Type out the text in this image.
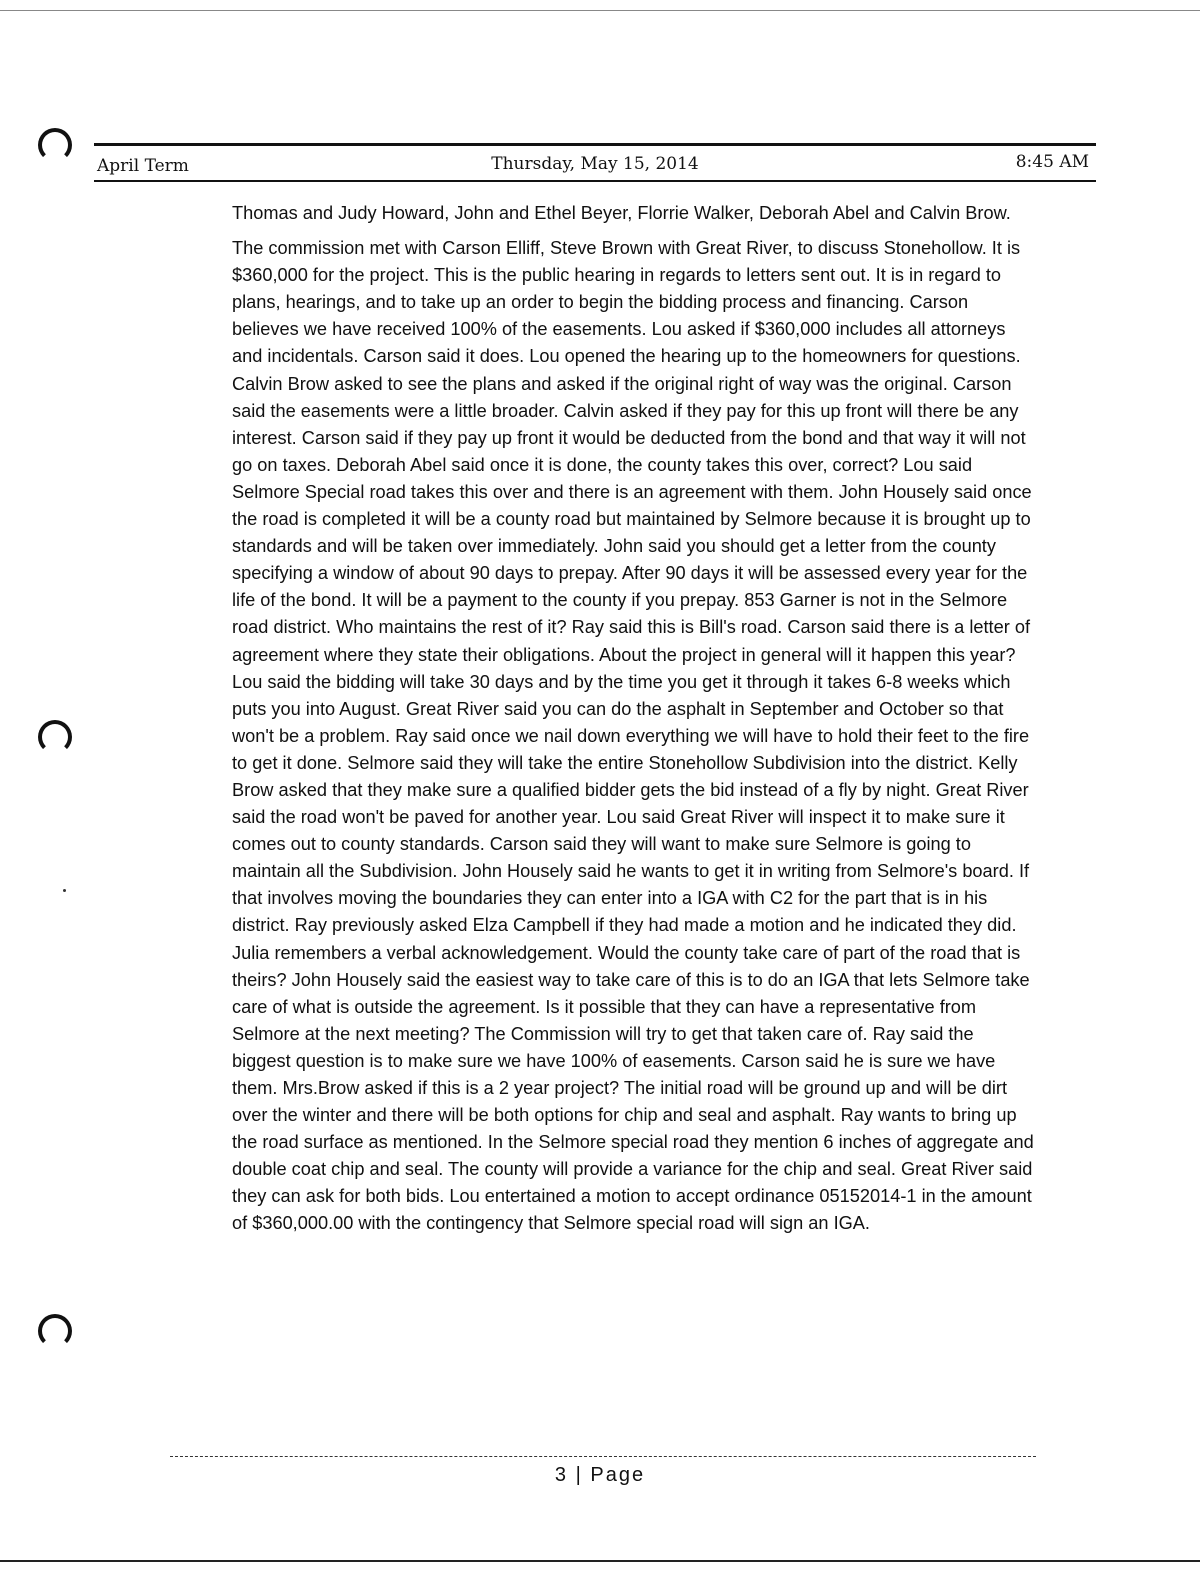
April Term	Thursday, May 15, 2014	8:45 AM

Thomas and Judy Howard, John and Ethel Beyer, Florrie Walker, Deborah Abel and Calvin Brow.

The commission met with Carson Elliff, Steve Brown with Great River, to discuss Stonehollow. It is $360,000 for the project. This is the public hearing in regards to letters sent out. It is in regard to plans, hearings, and to take up an order to begin the bidding process and financing. Carson believes we have received 100% of the easements. Lou asked if $360,000 includes all attorneys and incidentals. Carson said it does. Lou opened the hearing up to the homeowners for questions. Calvin Brow asked to see the plans and asked if the original right of way was the original. Carson said the easements were a little broader. Calvin asked if they pay for this up front will there be any interest. Carson said if they pay up front it would be deducted from the bond and that way it will not go on taxes. Deborah Abel said once it is done, the county takes this over, correct? Lou said Selmore Special road takes this over and there is an agreement with them. John Housely said once the road is completed it will be a county road but maintained by Selmore because it is brought up to standards and will be taken over immediately. John said you should get a letter from the county specifying a window of about 90 days to prepay. After 90 days it will be assessed every year for the life of the bond. It will be a payment to the county if you prepay. 853 Garner is not in the Selmore road district. Who maintains the rest of it? Ray said this is Bill's road. Carson said there is a letter of agreement where they state their obligations. About the project in general will it happen this year? Lou said the bidding will take 30 days and by the time you get it through it takes 6-8 weeks which puts you into August. Great River said you can do the asphalt in September and October so that won't be a problem. Ray said once we nail down everything we will have to hold their feet to the fire to get it done. Selmore said they will take the entire Stonehollow Subdivision into the district. Kelly Brow asked that they make sure a qualified bidder gets the bid instead of a fly by night. Great River said the road won't be paved for another year. Lou said Great River will inspect it to make sure it comes out to county standards. Carson said they will want to make sure Selmore is going to maintain all the Subdivision. John Housely said he wants to get it in writing from Selmore's board. If that involves moving the boundaries they can enter into a IGA with C2 for the part that is in his district. Ray previously asked Elza Campbell if they had made a motion and he indicated they did. Julia remembers a verbal acknowledgement. Would the county take care of part of the road that is theirs? John Housely said the easiest way to take care of this is to do an IGA that lets Selmore take care of what is outside the agreement. Is it possible that they can have a representative from Selmore at the next meeting? The Commission will try to get that taken care of. Ray said the biggest question is to make sure we have 100% of easements. Carson said he is sure we have them. Mrs.Brow asked if this is a 2 year project? The initial road will be ground up and will be dirt over the winter and there will be both options for chip and seal and asphalt. Ray wants to bring up the road surface as mentioned. In the Selmore special road they mention 6 inches of aggregate and double coat chip and seal. The county will provide a variance for the chip and seal. Great River said they can ask for both bids. Lou entertained a motion to accept ordinance 05152014-1 in the amount of $360,000.00 with the contingency that Selmore special road will sign an IGA.

3 | Page
